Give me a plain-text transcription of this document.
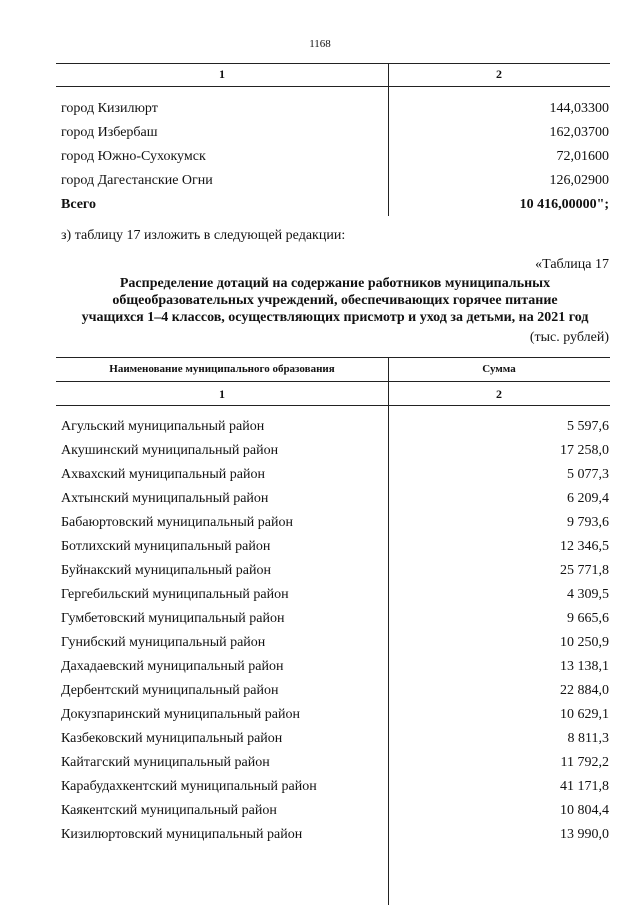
1168
1	2
город Кизилюрт	144,03300
город Избербаш	162,03700
город Южно-Сухокумск	72,01600
город Дагестанские Огни	126,02900
Всего	10 416,00000";
з) таблицу 17 изложить в следующей редакции:
«Таблица 17
Распределение дотаций на содержание работников муниципальных
общеобразовательных учреждений, обеспечивающих горячее питание
учащихся 1–4 классов, осуществляющих присмотр и уход за детьми, на 2021 год
(тыс. рублей)
Наименование муниципального образования	Сумма
1	2
Агульский муниципальный район	5 597,6
Акушинский муниципальный район	17 258,0
Ахвахский муниципальный район	5 077,3
Ахтынский муниципальный район	6 209,4
Бабаюртовский муниципальный район	9 793,6
Ботлихский муниципальный район	12 346,5
Буйнакский муниципальный район	25 771,8
Гергебильский муниципальный район	4 309,5
Гумбетовский муниципальный район	9 665,6
Гунибский муниципальный район	10 250,9
Дахадаевский муниципальный район	13 138,1
Дербентский муниципальный район	22 884,0
Докузпаринский муниципальный район	10 629,1
Казбековский муниципальный район	8 811,3
Кайтагский муниципальный район	11 792,2
Карабудахкентский муниципальный район	41 171,8
Каякентский муниципальный район	10 804,4
Кизилюртовский муниципальный район	13 990,0
